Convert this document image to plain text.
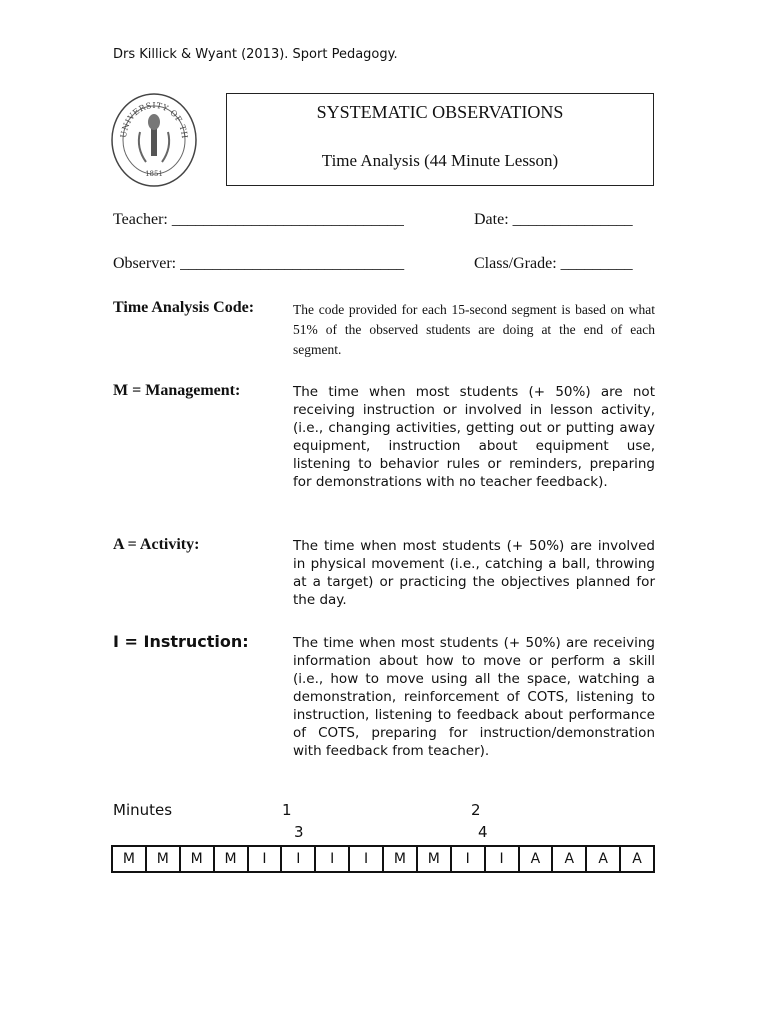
Drs Killick & Wyant (2013). Sport Pedagogy.
UNIVERSITY OF TH
1851
SYSTEMATIC OBSERVATIONS
Time Analysis (44 Minute Lesson)
Teacher: _____________________________	Date: _______________
Observer: ____________________________	Class/Grade: _________
Time Analysis Code:	The code provided for each 15-second segment is based on what 51% of the observed students are doing at the end of each segment.
M = Management:	The time when most students (+ 50%) are not receiving instruction or involved in lesson activity, (i.e., changing activities, getting out or putting away equipment, instruction about equipment use, listening to behavior rules or reminders, preparing for demonstrations with no teacher feedback).
A = Activity:	The time when most students (+ 50%) are involved in physical movement (i.e., catching a ball, throwing at a target) or practicing the objectives planned for the day.
I = Instruction:	The time when most students (+ 50%) are receiving information about how to move or perform a skill (i.e., how to move using all the space, watching a demonstration, reinforcement of COTS, listening to instruction, listening to feedback about performance of COTS, preparing for instruction/demonstration with feedback from teacher).
Minutes	1	2
3	4
M	M	M	M	I	I	I	I	M	M	I	I	A	A	A	A
